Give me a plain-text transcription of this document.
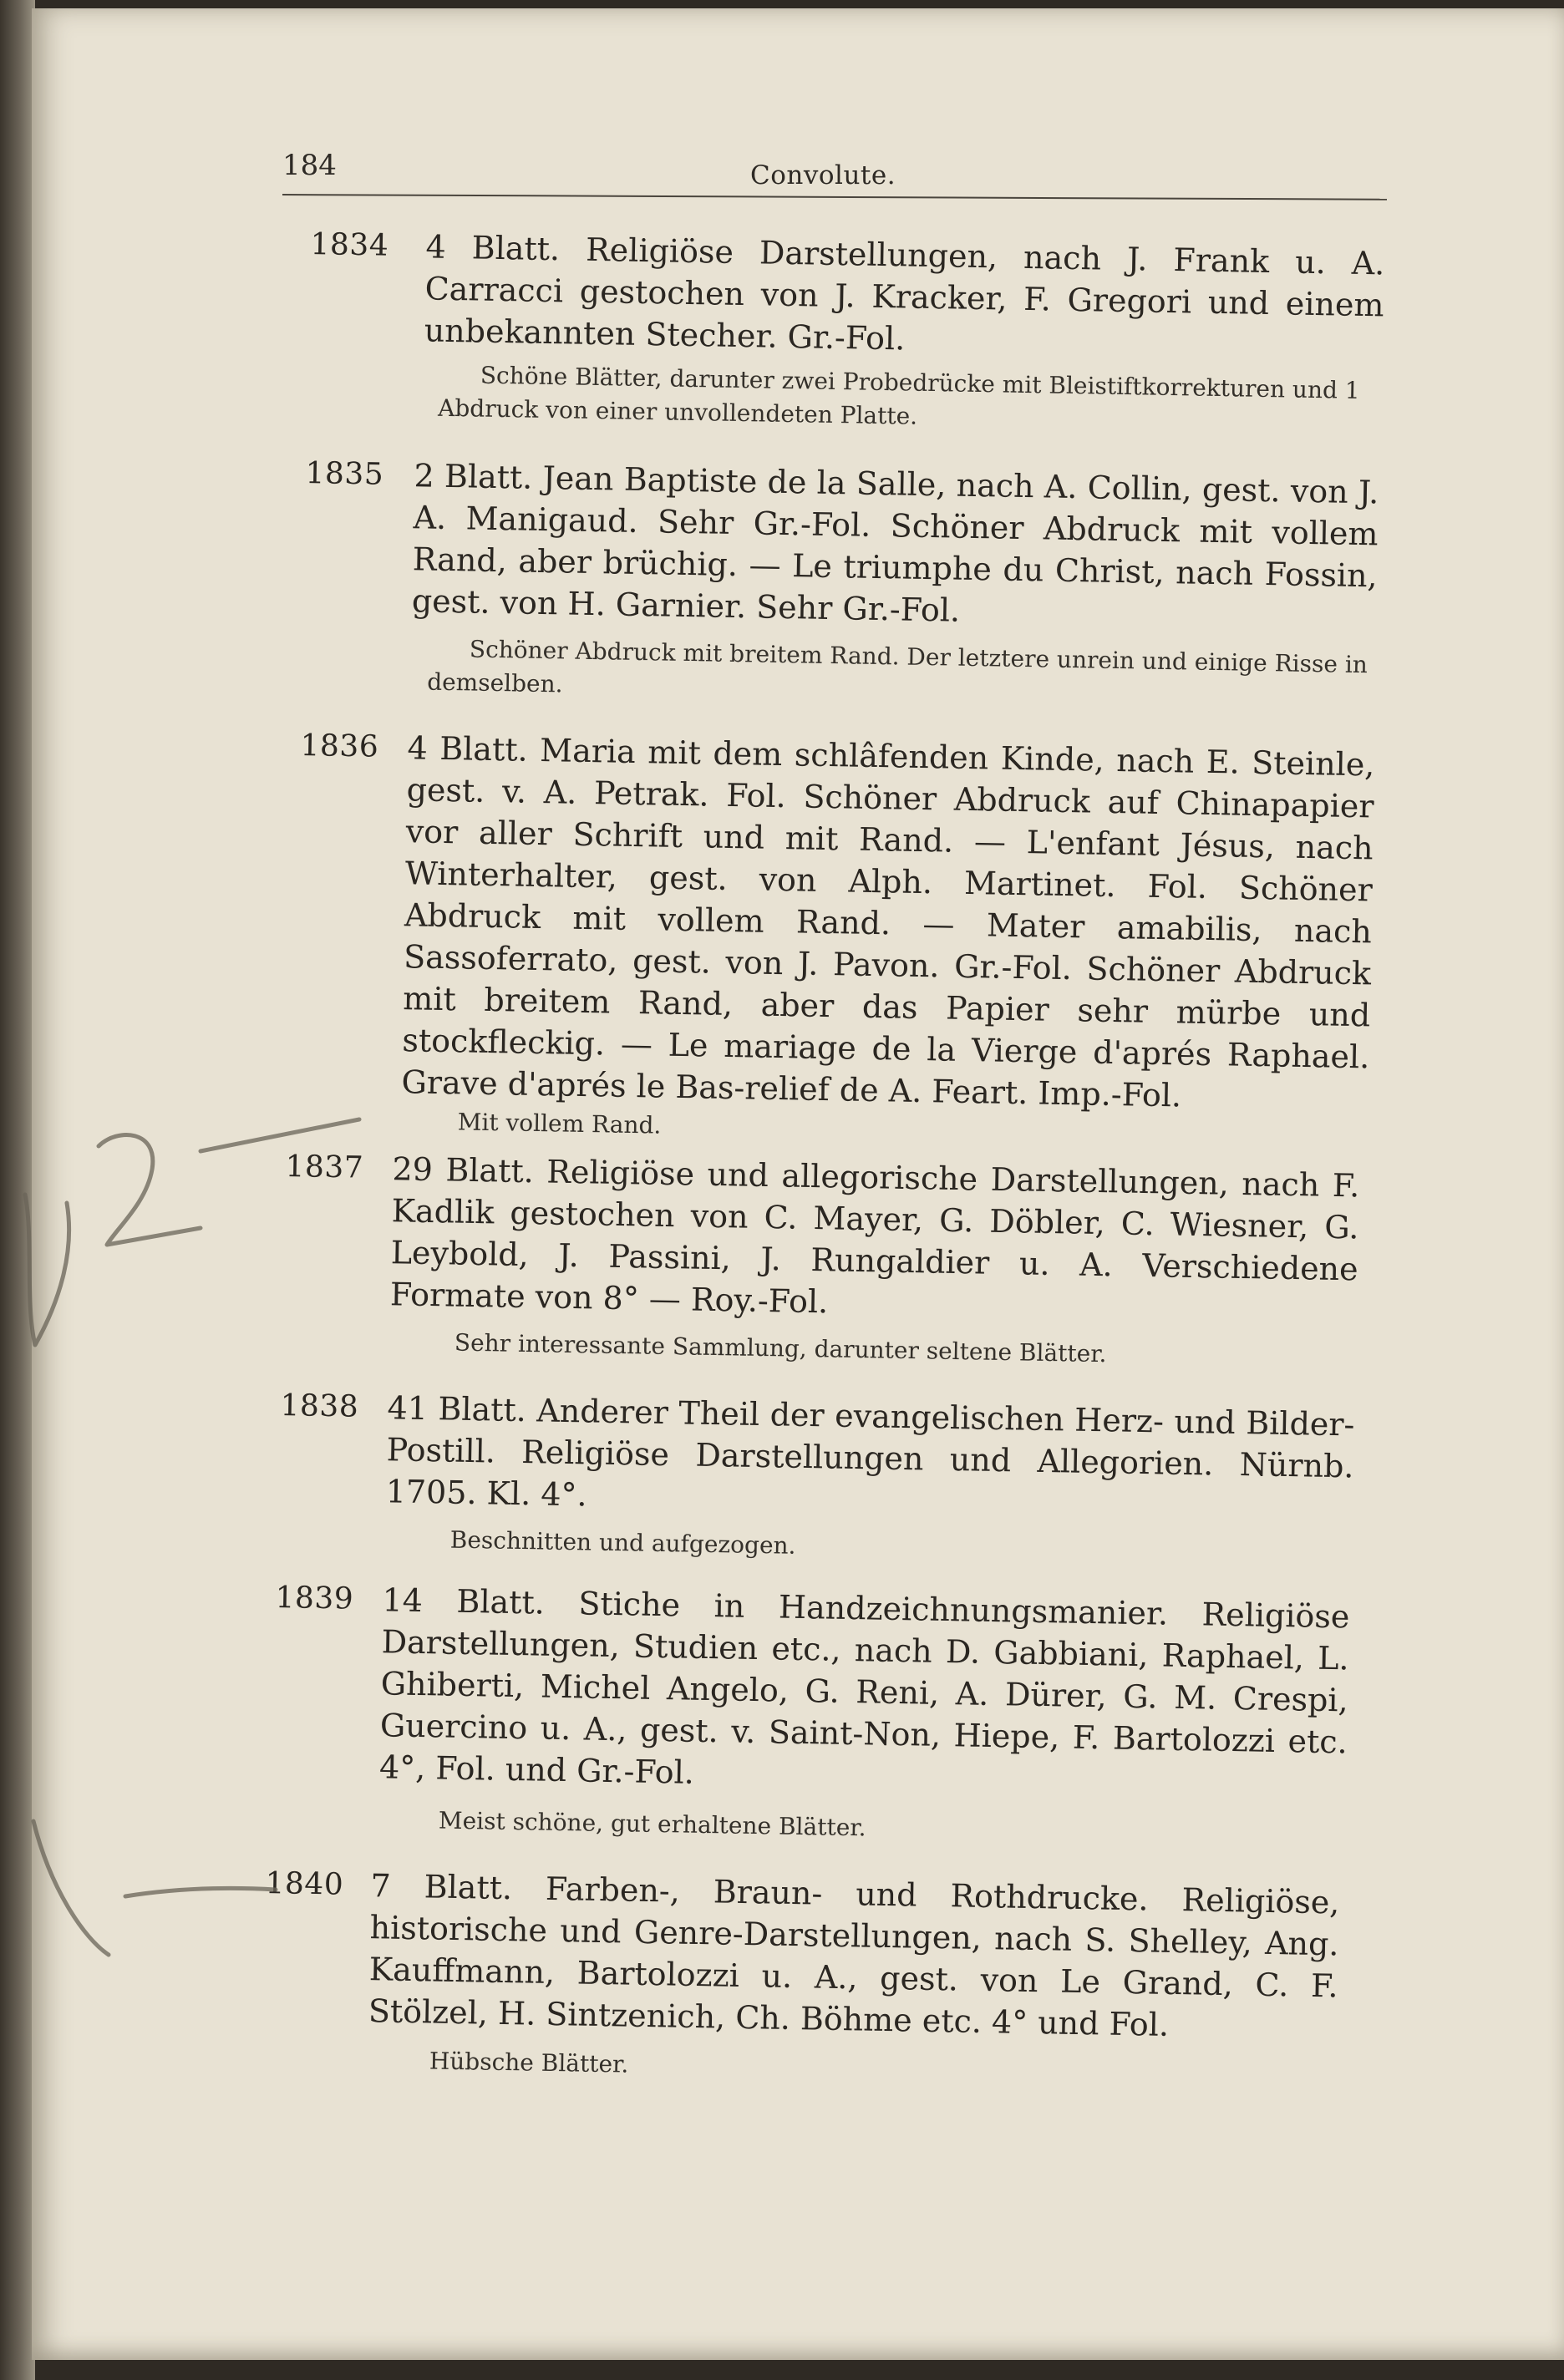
184	Convolute.
1834 4 Blatt. Religiöse Darstellungen, nach J. Frank u. A. Carracci gestochen von J. Kracker, F. Gregori und einem unbekannten Stecher. Gr.-Fol.
Schöne Blätter, darunter zwei Probedrücke mit Bleistiftkorrekturen und 1 Abdruck von einer unvollendeten Platte.
1835 2 Blatt. Jean Baptiste de la Salle, nach A. Collin, gest. von J. A. Manigaud. Sehr Gr.-Fol. Schöner Abdruck mit vollem Rand, aber brüchig. — Le triumphe du Christ, nach Fossin, gest. von H. Garnier. Sehr Gr.-Fol.
Schöner Abdruck mit breitem Rand. Der letztere unrein und einige Risse in demselben.
1836 4 Blatt. Maria mit dem schlâfenden Kinde, nach E. Steinle, gest. v. A. Petrak. Fol. Schöner Abdruck auf Chinapapier vor aller Schrift und mit Rand. — L'enfant Jésus, nach Winterhalter, gest. von Alph. Martinet. Fol. Schöner Abdruck mit vollem Rand. — Mater amabilis, nach Sassoferrato, gest. von J. Pavon. Gr.-Fol. Schöner Abdruck mit breitem Rand, aber das Papier sehr mürbe und stockfleckig. — Le mariage de la Vierge d'aprés Raphael. Grave d'aprés le Bas-relief de A. Feart. Imp.-Fol.
Mit vollem Rand.
1837 29 Blatt. Religiöse und allegorische Darstellungen, nach F. Kadlik gestochen von C. Mayer, G. Döbler, C. Wiesner, G. Leybold, J. Passini, J. Rungaldier u. A. Verschiedene Formate von 8° — Roy.-Fol.
Sehr interessante Sammlung, darunter seltene Blätter.
1838 41 Blatt. Anderer Theil der evangelischen Herz- und Bilder-Postill. Religiöse Darstellungen und Allegorien. Nürnb. 1705. Kl. 4°.
Beschnitten und aufgezogen.
1839 14 Blatt. Stiche in Handzeichnungsmanier. Religiöse Darstellungen, Studien etc., nach D. Gabbiani, Raphael, L. Ghiberti, Michel Angelo, G. Reni, A. Dürer, G. M. Crespi, Guercino u. A., gest. v. Saint-Non, Hiepe, F. Bartolozzi etc. 4°, Fol. und Gr.-Fol.
Meist schöne, gut erhaltene Blätter.
1840 7 Blatt. Farben-, Braun- und Rothdrucke. Religiöse, historische und Genre-Darstellungen, nach S. Shelley, Ang. Kauffmann, Bartolozzi u. A., gest. von Le Grand, C. F. Stölzel, H. Sintzenich, Ch. Böhme etc. 4° und Fol.
Hübsche Blätter.
